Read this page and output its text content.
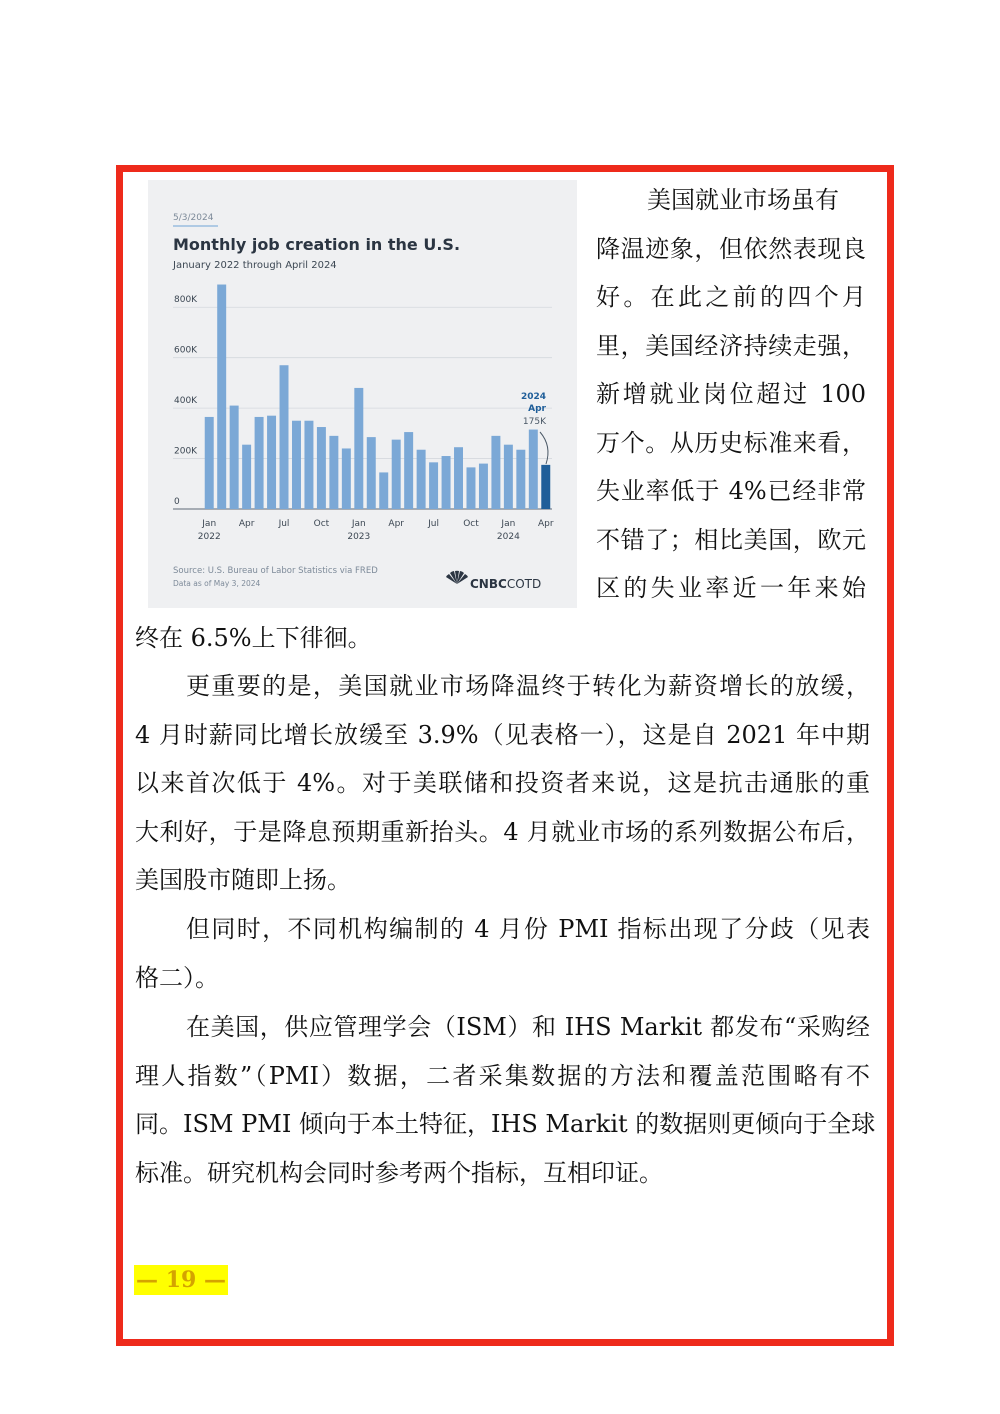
5/3/2024
Monthly job creation in the U.S.
January 2022 through April 2024
0
200K
400K
600K
800K
Jan
2022
Apr	Jul	Oct	Jan
2023
Apr	Jul	Oct	Jan
2024
Apr
2024
Apr
175K
Source: U.S. Bureau of Labor Statistics via FRED
Data as of May 3, 2024	CNBCCOTD
美国就业市场虽有
降温迹象，但依然表现良
好。在此之前的四个月
里，美国经济持续走强，
新增就业岗位超过 100
万个。从历史标准来看，
失业率低于 4%已经非常
不错了；相比美国，欧元
区的失业率近一年来始
终在 6.5%上下徘徊。
更重要的是，美国就业市场降温终于转化为薪资增长的放缓，
4 月时薪同比增长放缓至 3.9%（见表格一），这是自 2021 年中期
以来首次低于 4%。对于美联储和投资者来说，这是抗击通胀的重
大利好，于是降息预期重新抬头。4 月就业市场的系列数据公布后，
美国股市随即上扬。
但同时，不同机构编制的 4 月份 PMI 指标出现了分歧（见表
格二）。
在美国，供应管理学会（ISM）和 IHS Markit 都发布“采购经
理人指数”（PMI）数据，二者采集数据的方法和覆盖范围略有不
同。ISM PMI 倾向于本土特征，IHS Markit 的数据则更倾向于全球
标准。研究机构会同时参考两个指标，互相印证。
— 19 —
